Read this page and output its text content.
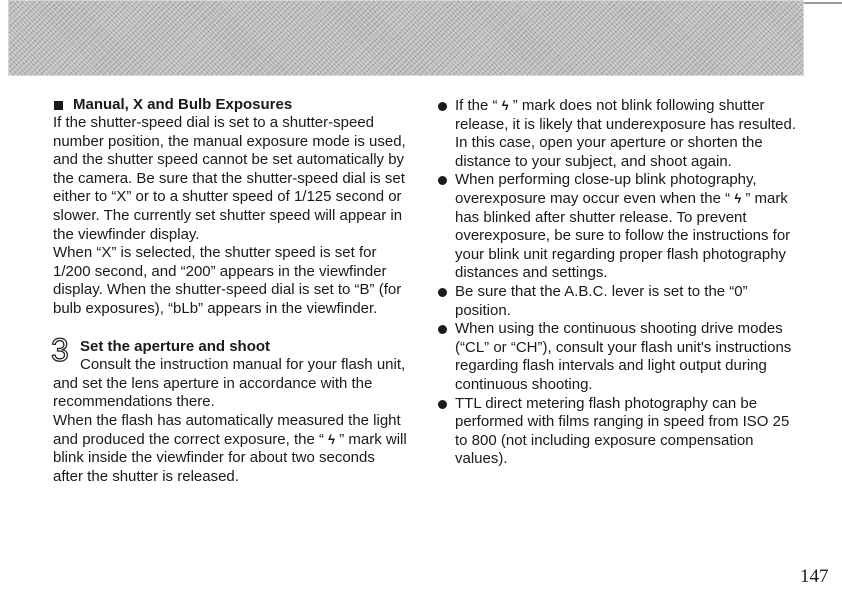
Manual, X and Bulb Exposures

If the shutter-speed dial is set to a shutter-speed number position, the manual exposure mode is used, and the shutter speed cannot be set automatically by the camera. Be sure that the shutter-speed dial is set either to “X” or to a shutter speed of 1/125 second or slower. The currently set shutter speed will appear in the viewfinder display.

When “X” is selected, the shutter speed is set for 1/200 second, and “200” appears in the viewfinder display. When the shutter-speed dial is set to “B” (for bulb exposures), “bLb” appears in the viewfinder.

3 Set the aperture and shoot

Consult the instruction manual for your flash unit, and set the lens aperture in accordance with the recommendations there.

When the flash has automatically measured the light and produced the correct exposure, the “ ϟ ” mark will blink inside the viewfinder for about two seconds after the shutter is released.

If the “ ϟ ” mark does not blink following shutter release, it is likely that underexposure has resulted. In this case, open your aperture or shorten the distance to your subject, and shoot again.
When performing close-up blink photography, overexposure may occur even when the “ ϟ ” mark has blinked after shutter release. To prevent overexposure, be sure to follow the instructions for your blink unit regarding proper flash photography distances and settings.
Be sure that the A.B.C. lever is set to the “0” position.
When using the continuous shooting drive modes (“CL” or “CH”), consult your flash unit's instructions regarding flash intervals and light output during continuous shooting.
TTL direct metering flash photography can be performed with films ranging in speed from ISO 25 to 800 (not including exposure compensation values).
147
